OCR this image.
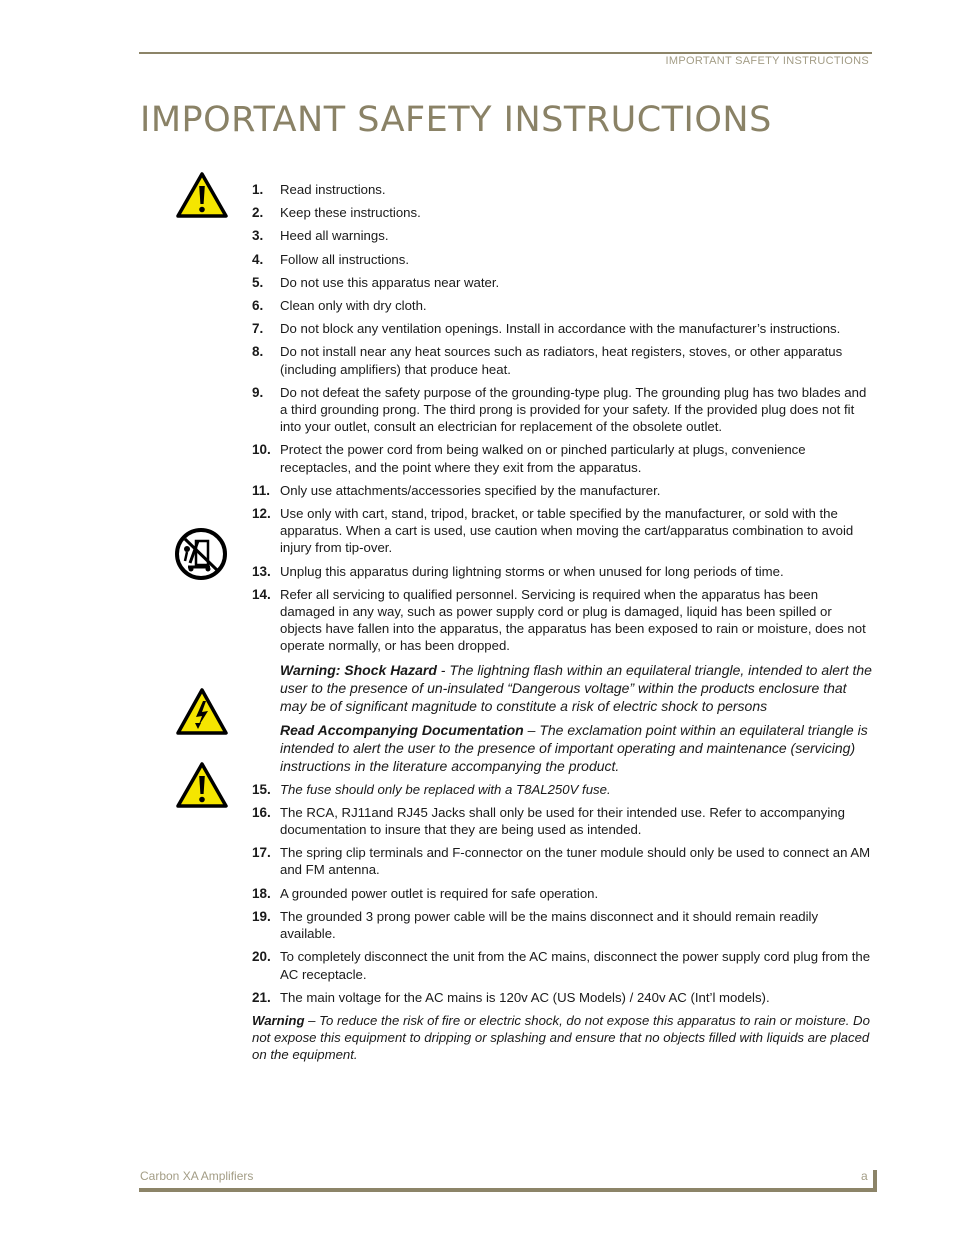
IMPORTANT SAFETY INSTRUCTIONS
IMPORTANT SAFETY INSTRUCTIONS
1.	Read instructions.
2.	Keep these instructions.
3.	Heed all warnings.
4.	Follow all instructions.
5.	Do not use this apparatus near water.
6.	Clean only with dry cloth.
7.	Do not block any ventilation openings. Install in accordance with the manufacturer’s instructions.
8.	Do not install near any heat sources such as radiators, heat registers, stoves, or other apparatus (including amplifiers) that produce heat.
9.	Do not defeat the safety purpose of the grounding-type plug. The grounding plug has two blades and a third grounding prong. The third prong is provided for your safety. If the provided plug does not fit into your outlet, consult an electrician for replacement of the obsolete outlet.
10. Protect the power cord from being walked on or pinched particularly at plugs, convenience receptacles, and the point where they exit from the apparatus.
11. Only use attachments/accessories specified by the manufacturer.
12. Use only with cart, stand, tripod, bracket, or table specified by the manufacturer, or sold with the apparatus. When a cart is used, use caution when moving the cart/apparatus combination to avoid injury from tip-over.
13. Unplug this apparatus during lightning storms or when unused for long periods of time.
14. Refer all servicing to qualified personnel. Servicing is required when the apparatus has been damaged in any way, such as power supply cord or plug is damaged, liquid has been spilled or objects have fallen into the apparatus, the apparatus has been exposed to rain or moisture, does not operate normally, or has been dropped.
Warning: Shock Hazard - The lightning flash within an equilateral triangle, intended to alert the user to the presence of un-insulated “Dangerous voltage” within the products enclosure that may be of significant magnitude to constitute a risk of electric shock to persons
Read Accompanying Documentation – The exclamation point within an equilateral triangle is intended to alert the user to the presence of important operating and maintenance (servicing) instructions in the literature accompanying the product.
15. The fuse should only be replaced with a T8AL250V fuse.
16. The RCA, RJ11and RJ45 Jacks shall only be used for their intended use. Refer to accompanying documentation to insure that they are being used as intended.
17. The spring clip terminals and F-connector on the tuner module should only be used to connect an AM and FM antenna.
18. A grounded power outlet is required for safe operation.
19. The grounded 3 prong power cable will be the mains disconnect and it should remain readily available.
20. To completely disconnect the unit from the AC mains, disconnect the power supply cord plug from the AC receptacle.
21. The main voltage for the AC mains is 120v AC (US Models) / 240v AC (Int’l models).
Warning – To reduce the risk of fire or electric shock, do not expose this apparatus to rain or moisture. Do not expose this equipment to dripping or splashing and ensure that no objects filled with liquids are placed on the equipment.
Carbon XA Amplifiers	a
